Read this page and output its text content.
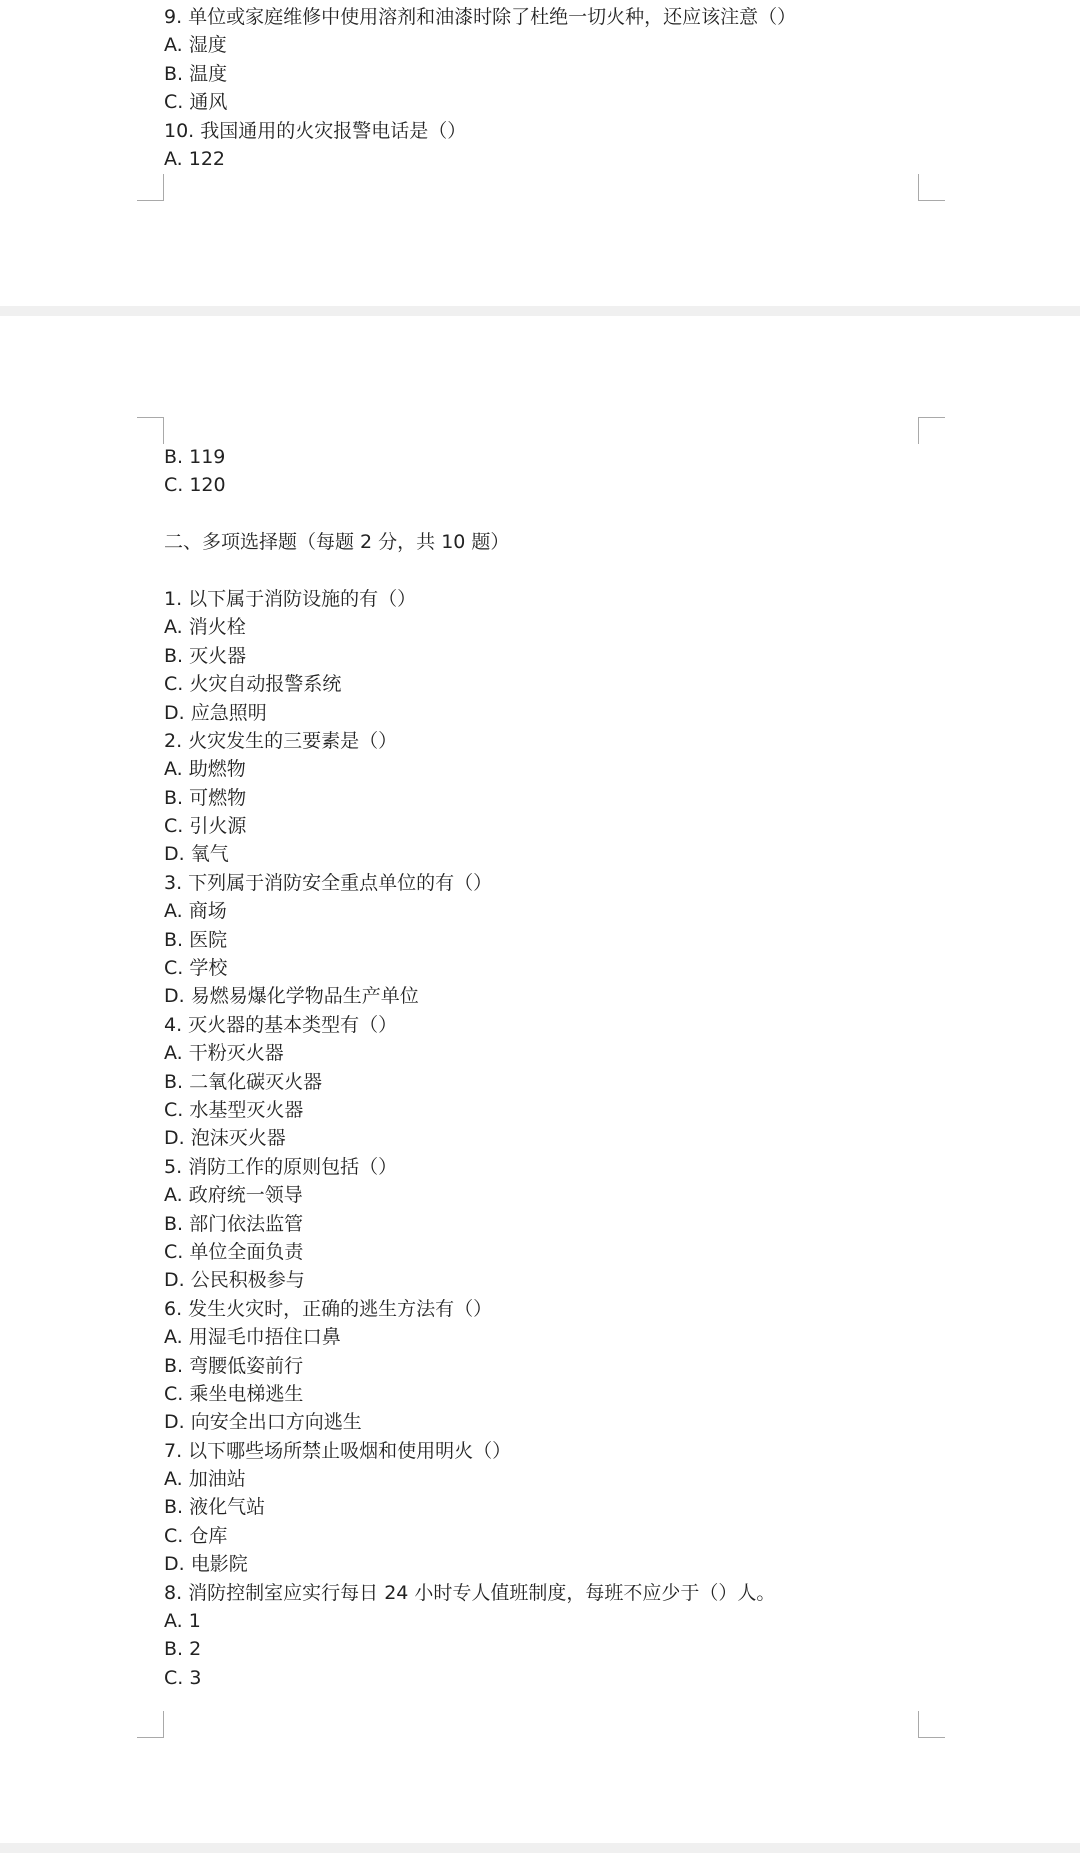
9. 单位或家庭维修中使用溶剂和油漆时除了杜绝一切火种，还应该注意（）
A. 湿度
B. 温度
C. 通风
10. 我国通用的火灾报警电话是（）
A. 122
B. 119
C. 120
二、多项选择题（每题 2 分，共 10 题）
1. 以下属于消防设施的有（）
A. 消火栓
B. 灭火器
C. 火灾自动报警系统
D. 应急照明
2. 火灾发生的三要素是（）
A. 助燃物
B. 可燃物
C. 引火源
D. 氧气
3. 下列属于消防安全重点单位的有（）
A. 商场
B. 医院
C. 学校
D. 易燃易爆化学物品生产单位
4. 灭火器的基本类型有（）
A. 干粉灭火器
B. 二氧化碳灭火器
C. 水基型灭火器
D. 泡沫灭火器
5. 消防工作的原则包括（）
A. 政府统一领导
B. 部门依法监管
C. 单位全面负责
D. 公民积极参与
6. 发生火灾时，正确的逃生方法有（）
A. 用湿毛巾捂住口鼻
B. 弯腰低姿前行
C. 乘坐电梯逃生
D. 向安全出口方向逃生
7. 以下哪些场所禁止吸烟和使用明火（）
A. 加油站
B. 液化气站
C. 仓库
D. 电影院
8. 消防控制室应实行每日 24 小时专人值班制度，每班不应少于（）人。
A. 1
B. 2
C. 3
